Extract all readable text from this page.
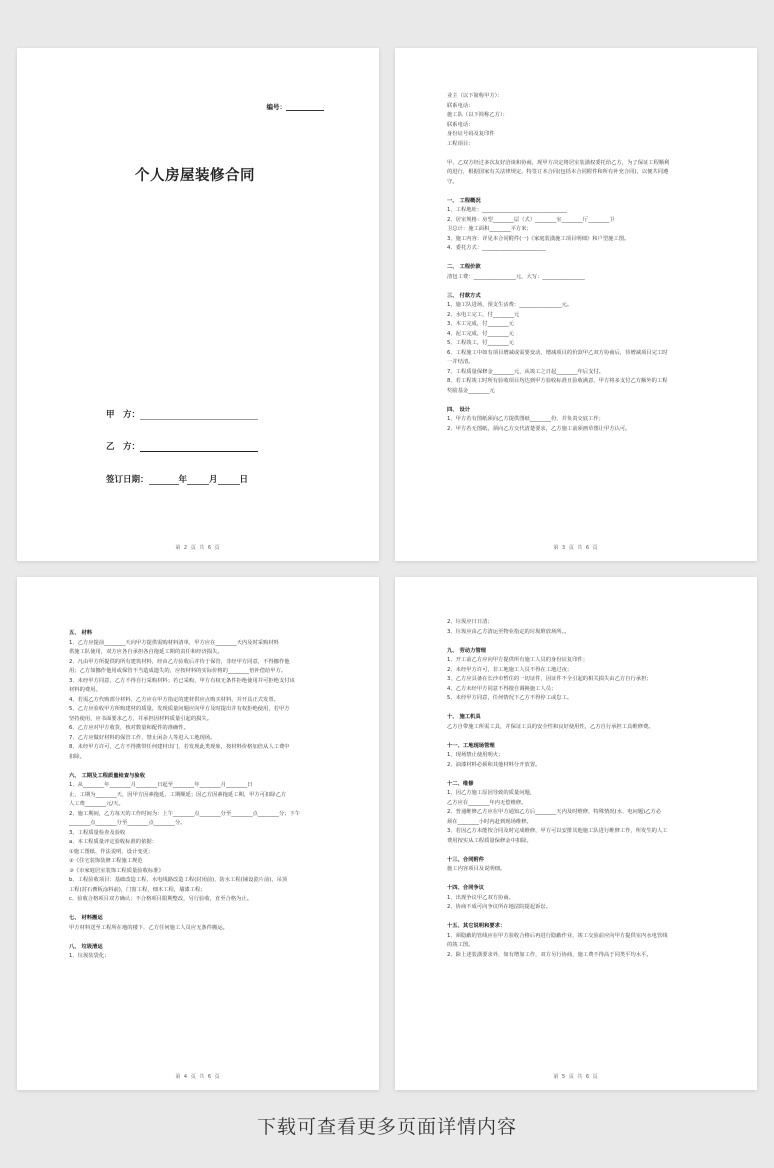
编号：
个人房屋装修合同
甲　方：
乙　方：
签订日期：	年	月	日
第 2 页 共 6 页
业主（以下简称甲方）：
联系电话：
施工队（以下简称乙方）：
联系电话：
身份证号码及复印件
工程项目：

甲、乙双方经过多次友好洽谈和协商，现甲方决定将居室装潢权委托给乙方，为了保证工程顺利
的进行，根据国家有关法律规定，特签订本合同(包括本合同附件和所有补充合同)，以便共同遵
守。

一、 工程概况
1、工程地址：________________________________
2、居室规格：房型________层（式）________室________厅________卫
卫总计：施工面积________平方米；
3、施工内容：详见本合同附件(一)《家庭装潢施工项目明细》和户型施工图。
4、委托方式：________________________

二、 工程价款
清包工费：________________元，大写：________________

三、 付款方式
1、施工队进场，预支生活费：________________元。
2、水电工完工，付________元
3、木工完成，付________元
4、泥工完成，付________元
5、工程竣工，付________元
6、工程施工中如有项目增减或需要变动，增减项目的价款甲乙双方协商后，待增减项目完工时
一并结清。
7、工程质量保修金________元，从竣工之日起________年后支付。
8、若工程竣工时所有验收项目均达到甲方验收标准且验收满意，甲方将多支付乙方额外的工程
奖励基金________元

四、 设计
1、甲方若有图纸须向乙方提供图纸________份，并负责交底工作；
2、甲方若无图纸，须向乙方交代清楚要求，乙方施工前须画草图让甲方认可。
第 3 页 共 6 页
五、 材料
1、乙方应提前________天向甲方提供需购材料清单，甲方应在________天内及时采购材料
供施工队使用，双方应各自承担各自拖延工期的责任和经济损失。
2、凡由甲方所提供的所有建筑材料，经由乙方验收后并待于保管，非经甲方同意，不得挪作他
用；乙方如挪作他用或保管不当造成遗失的，应按材料的实际价格的________倍补偿给甲方。
3、未经甲方同意，乙方不得自行采购材料；若已采购，甲方有权无条件拒绝使用并可拒绝支付该
材料的费用。
4、若需乙方代购部分材料，乙方应在甲方指定的建材供应点购买材料，并开具正式发票。
5、乙方应验收甲方所购建材的质量，发现质量问题应向甲方及时提出并有权拒绝使用，若甲方
坚持使用，应书面要求乙方，并承担因材料质量引起的损失。
6、乙方应对甲方收货，核对数量和配件的准确性。
7、乙方应做好材料的保管工作，禁止闲杂人等进入工地现场。
8、未经甲方许可，乙方不得携带任何建材出门，若发现此类现象，按材料价格加倍从人工费中
扣除。

六、 工期及工程质量检查与验收
1、从________年________月________日起至________年________月________日
止，工期为________天，因甲方因素拖延，工期顺延；因乙方因素拖延工期，甲方可扣除乙方
人工费________元/天。
2、施工期间，乙方每天的工作时间为：上午________点________分至________点________分；下午
________点________分至________点________分。
3、工程质量检查及验收
a、本工程质量评定验收标准的依据：
①施工图纸、作法说明、设计变更；
②《住宅装饰装修工程施工规范
③《市家庭居室装饰工程质量验收标准》
b、工程验收项目：基础改造工程，水电线路改造工程(封闭前)，防水工程(铺设瓷片前)，吊顶
工程(封石膏板涂料前)，门窗工程，细木工程，墙漆工程；
c、验收合格项目双方确认；不合格项目限期整改，另行验收，直至合格为止。

七、 材料搬运
甲方材料送至工程所在地的楼下，乙方任何施工人员应无条件搬运。

八、 垃圾清运
1、垃圾装袋化；
第 4 页 共 6 页
2、垃圾应日日清；
3、垃圾应由乙方清运至物业指定的垃圾堆放场所。。

九、 劳动力管理
1、开工前乙方应向甲方提供所有施工人员的身份证复印件；
2、未经甲方许可，非工地施工人员不得在工地过夜；
3、乙方应具备在长沙市暂住的一切证件，因证件不全引起的相关损失由乙方自行承担；
4、乙方未经甲方同意不得擅自调换施工人员；
5、未经甲方同意，任何情况下乙方不得停工或怠工。

十、 施工机具
乙方自带施工所需工具，并保证工具的安全性和良好使用性，乙方自行承担工具维修费。

十一、工地现场管理
1、现场禁止使用明火；
2、油漆材料必须和其他材料分开放置。

十二、维修
1、因乙方施工原因导致的质量问题，
乙方应在________年内无偿维修。
2、普通维修乙方应在甲方通知乙方后________天内及时维修，特殊情况(水、电问题)乙方必
须在________小时内赶到现场维修。
3、若因乙方未能按合同及时完成维修，甲方可以安排其他施工队进行维修工作，所发生的人工
费用按实从工程质量保修金中扣除。

十三、合同附件
施工内容项目及说明细。

十四、合同争议
1、出现争议甲乙双方协商。
2、协商不成可向争议所在地法院提起诉讼。

十五、其它说明和要求：
1、须隐蔽的管线应在甲方验收合格后再进行隐蔽作业，竣工交验前应向甲方提供室内水电管线
的竣工图。
2、除上述装潢要求外，如有增加工作，双方另行协商，施工费不得高于同类平均水平。
第 5 页 共 6 页
下载可查看更多页面详情内容
